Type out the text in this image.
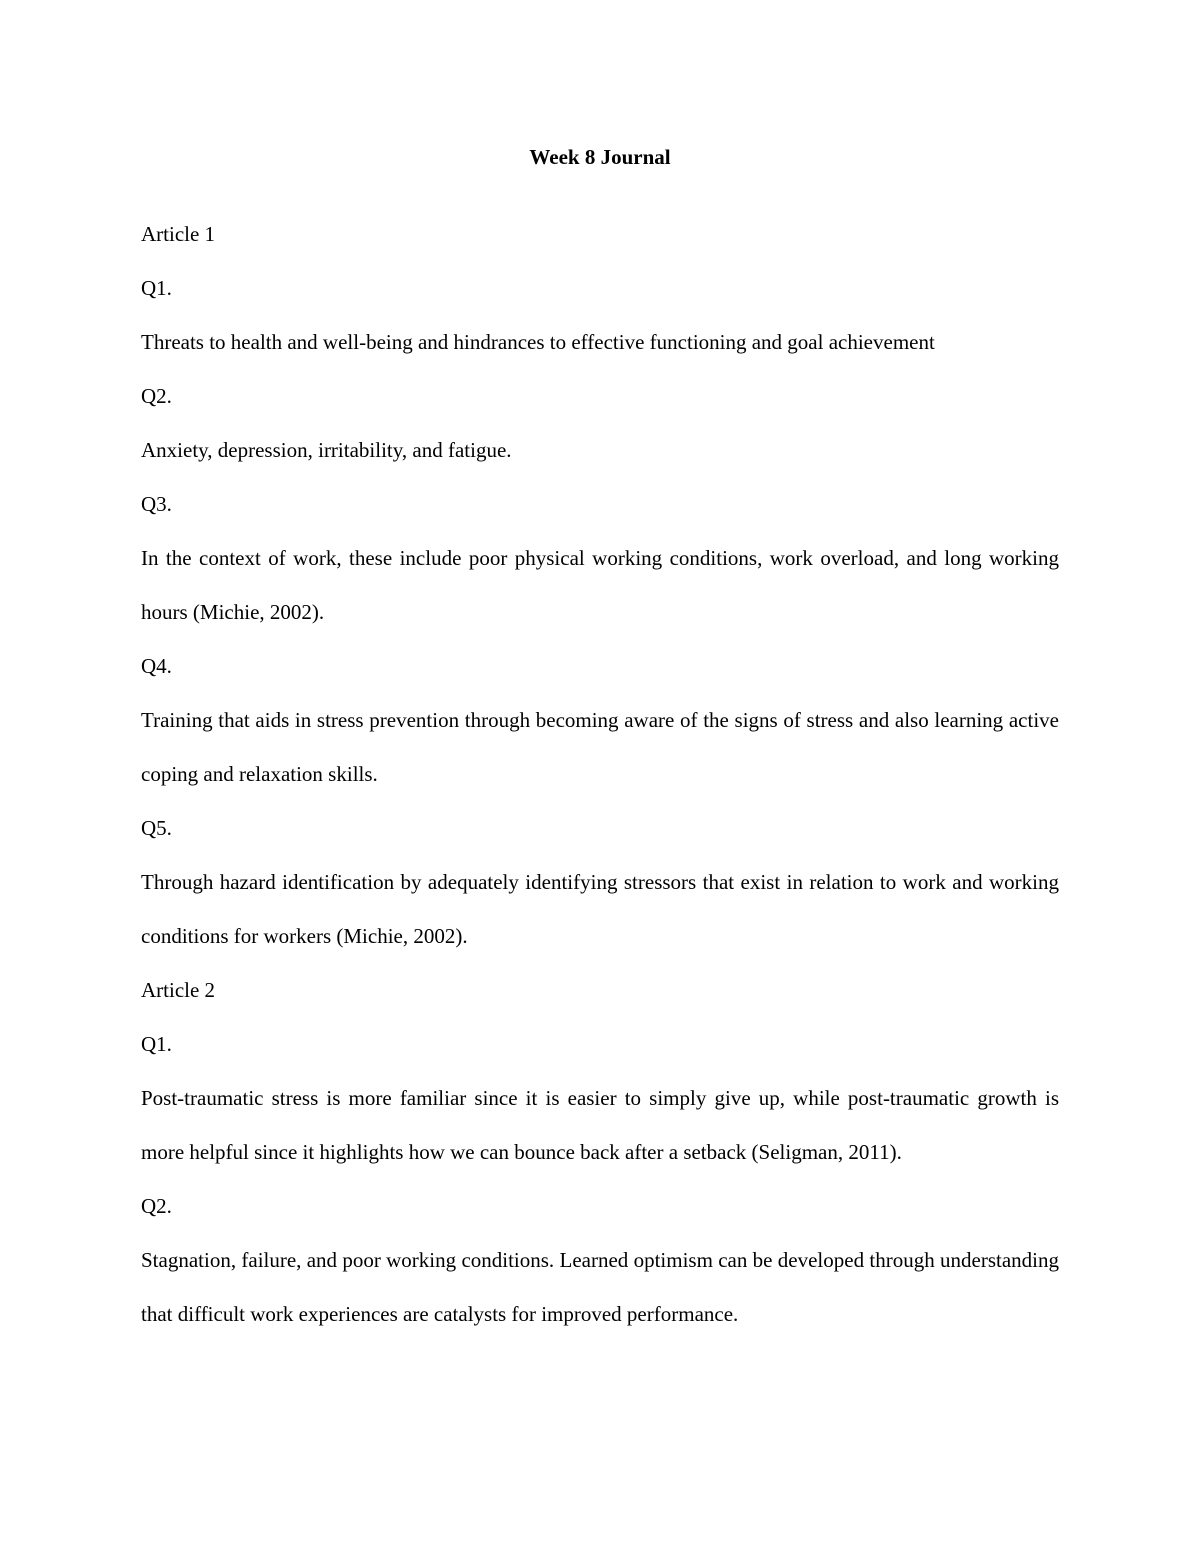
Week 8 Journal

Article 1

Q1.

Threats to health and well-being and hindrances to effective functioning and goal achievement

Q2.

Anxiety, depression, irritability, and fatigue.

Q3.

In the context of work, these include poor physical working conditions, work overload, and long working hours (Michie, 2002).

Q4.

Training that aids in stress prevention through becoming aware of the signs of stress and also learning active coping and relaxation skills.

Q5.

Through hazard identification by adequately identifying stressors that exist in relation to work and working conditions for workers (Michie, 2002).

Article 2

Q1.

Post-traumatic stress is more familiar since it is easier to simply give up, while post-traumatic growth is more helpful since it highlights how we can bounce back after a setback (Seligman, 2011).

Q2.

Stagnation, failure, and poor working conditions. Learned optimism can be developed through understanding that difficult work experiences are catalysts for improved performance.
